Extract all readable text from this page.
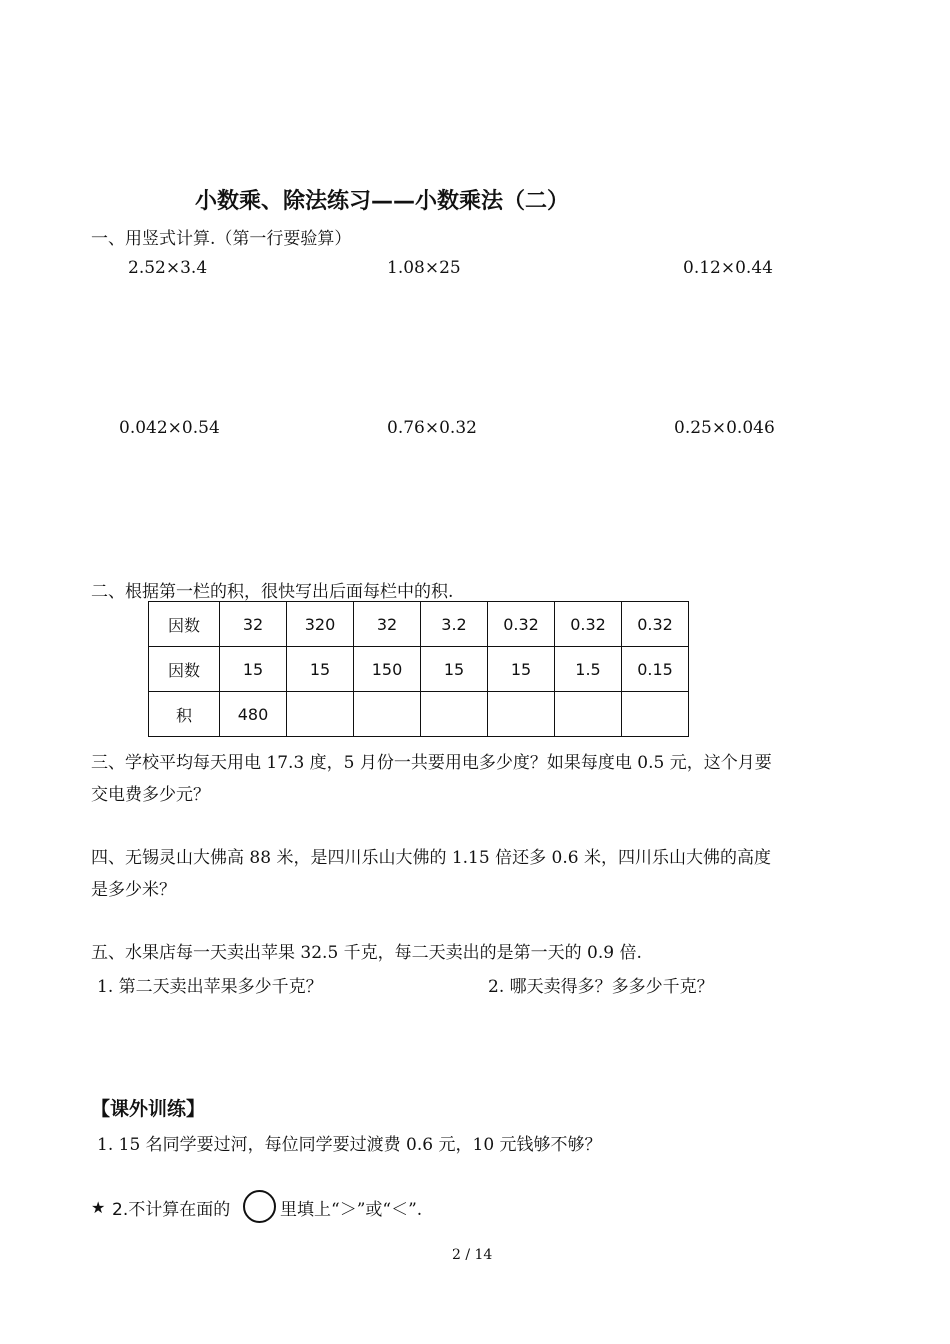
小数乘、除法练习——小数乘法（二）
一、用竖式计算.（第一行要验算）
2.52×3.4	1.08×25	0.12×0.44
0.042×0.54	0.76×0.32	0.25×0.046
二、根据第一栏的积，很快写出后面每栏中的积.
因数	32	320	32	3.2	0.32	0.32	0.32
因数	15	15	150	15	15	1.5	0.15
积	480						
三、学校平均每天用电 17.3 度，5 月份一共要用电多少度？如果每度电 0.5 元，这个月要
交电费多少元？
四、无锡灵山大佛高 88 米，是四川乐山大佛的 1.15 倍还多 0.6 米，四川乐山大佛的高度
是多少米？
五、水果店每一天卖出苹果 32.5 千克，每二天卖出的是第一天的 0.9 倍.
1. 第二天卖出苹果多少千克？	2. 哪天卖得多？多多少千克？
【课外训练】
1. 15 名同学要过河，每位同学要过渡费 0.6 元，10 元钱够不够？
★ 2.不计算在面的	里填上“＞”或“＜”.
2 / 14
